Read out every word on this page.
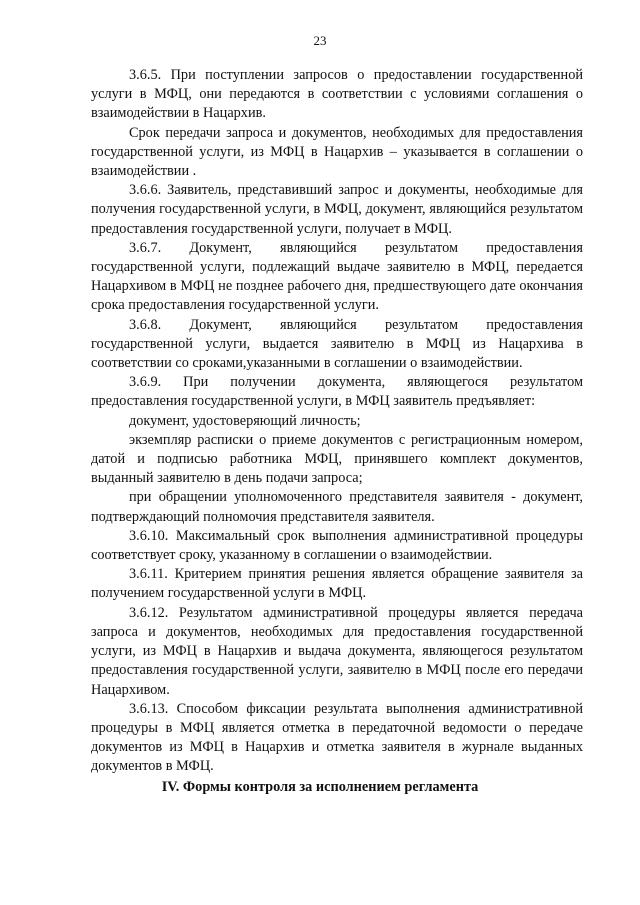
23

3.6.5. При поступлении запросов о предоставлении государственной услуги в МФЦ, они передаются в соответствии с условиями соглашения о взаимодействии в Нацархив.

Срок передачи запроса и документов, необходимых для предоставления государственной услуги, из МФЦ в Нацархив – указывается в соглашении о взаимодействии .

3.6.6. Заявитель, представивший запрос и документы, необходимые для получения государственной услуги, в МФЦ, документ, являющийся результатом предоставления государственной услуги, получает в МФЦ.

3.6.7. Документ, являющийся результатом предоставления государственной услуги, подлежащий выдаче заявителю в МФЦ, передается Нацархивом в МФЦ не позднее рабочего дня, предшествующего дате окончания срока предоставления государственной услуги.

3.6.8. Документ, являющийся результатом предоставления государственной услуги, выдается заявителю в МФЦ из Нацархива в соответствии со сроками,указанными в соглашении о взаимодействии.

3.6.9. При получении документа, являющегося результатом предоставления государственной услуги, в МФЦ заявитель предъявляет:

документ, удостоверяющий личность;

экземпляр расписки о приеме документов с регистрационным номером, датой и подписью работника МФЦ, принявшего комплект документов, выданный заявителю в день подачи запроса;

при обращении уполномоченного представителя заявителя - документ, подтверждающий полномочия представителя заявителя.

3.6.10. Максимальный срок выполнения административной процедуры соответствует сроку, указанному в соглашении о взаимодействии.

3.6.11. Критерием принятия решения является обращение заявителя за получением государственной услуги в МФЦ.

3.6.12. Результатом административной процедуры является передача запроса и документов, необходимых для предоставления государственной услуги, из МФЦ в Нацархив и выдача документа, являющегося результатом предоставления государственной услуги, заявителю в МФЦ после его передачи Нацархивом.

3.6.13. Способом фиксации результата выполнения административной процедуры в МФЦ является отметка в передаточной ведомости о передаче документов из МФЦ в Нацархив и отметка заявителя в журнале выданных документов в МФЦ.

IV. Формы контроля за исполнением регламента
